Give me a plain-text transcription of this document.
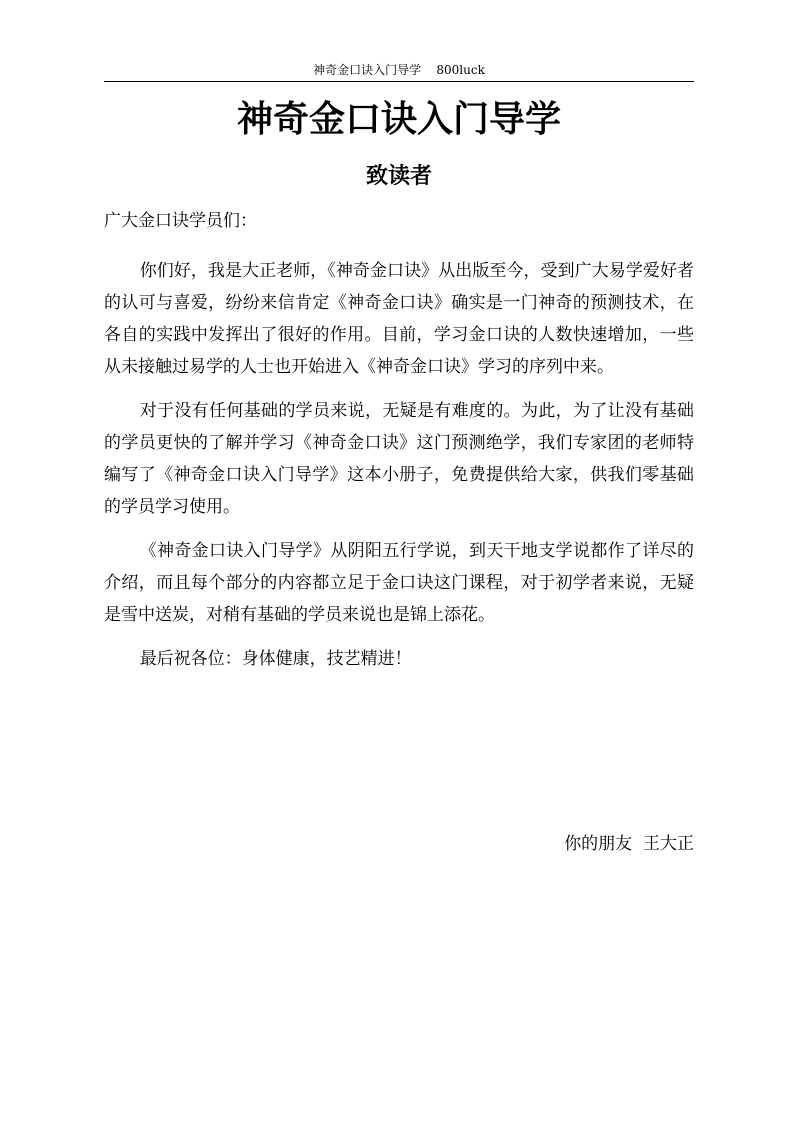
神奇金口诀入门导学    800luck
神奇金口诀入门导学
致读者
广大金口诀学员们：

你们好，我是大正老师，《神奇金口诀》从出版至今，受到广大易学爱好者的认可与喜爱，纷纷来信肯定《神奇金口诀》确实是一门神奇的预测技术，在各自的实践中发挥出了很好的作用。目前，学习金口诀的人数快速增加，一些从未接触过易学的人士也开始进入《神奇金口诀》学习的序列中来。

对于没有任何基础的学员来说，无疑是有难度的。为此，为了让没有基础的学员更快的了解并学习《神奇金口诀》这门预测绝学，我们专家团的老师特编写了《神奇金口诀入门导学》这本小册子，免费提供给大家，供我们零基础的学员学习使用。

《神奇金口诀入门导学》从阴阳五行学说，到天干地支学说都作了详尽的介绍，而且每个部分的内容都立足于金口诀这门课程，对于初学者来说，无疑是雪中送炭，对稍有基础的学员来说也是锦上添花。

最后祝各位：身体健康，技艺精进！

你的朋友  王大正
